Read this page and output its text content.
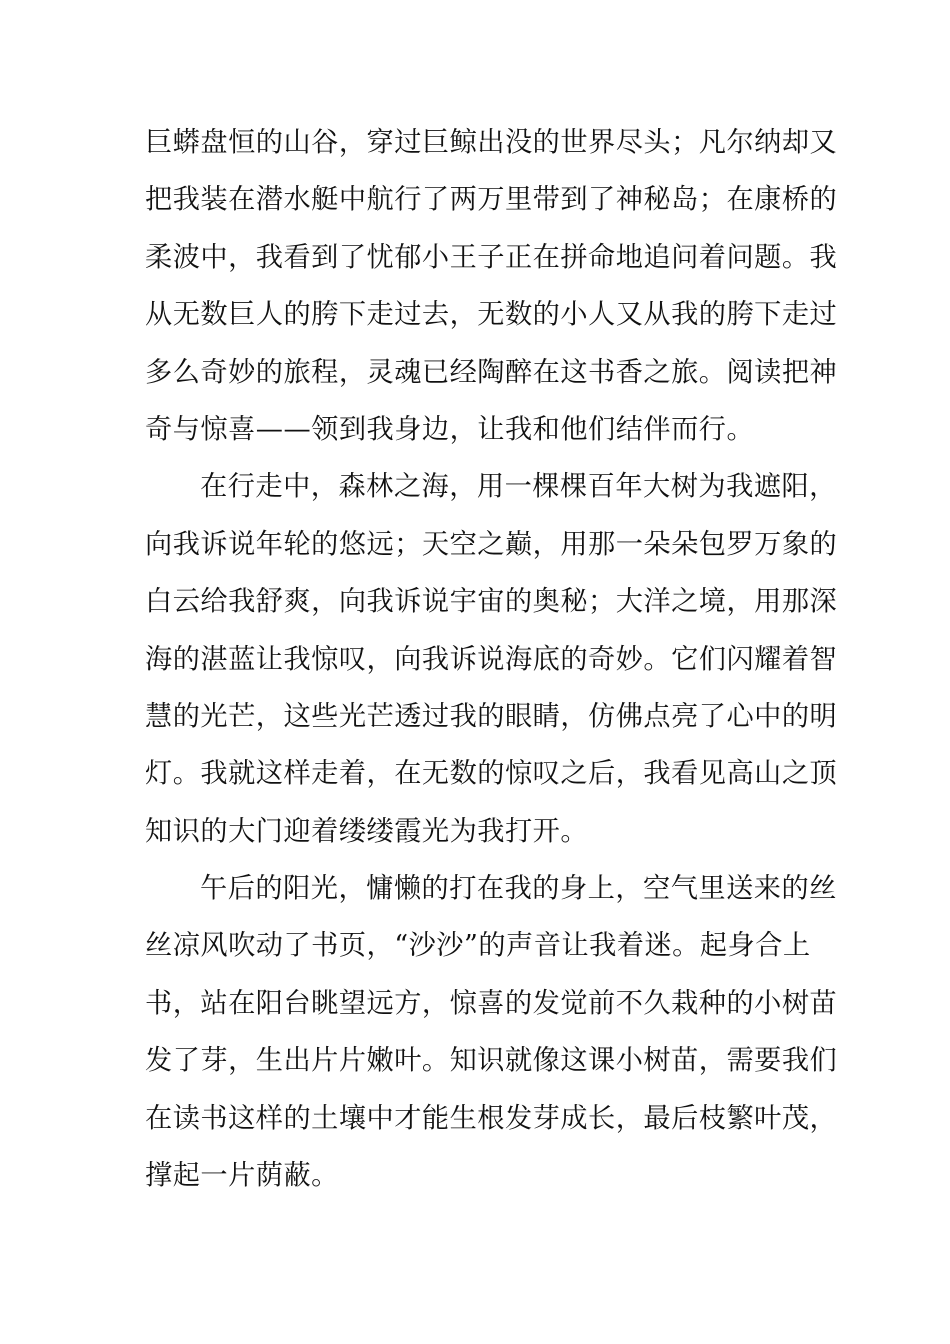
巨蟒盘恒的山谷，穿过巨鲸出没的世界尽头；凡尔纳却又
把我装在潜水艇中航行了两万里带到了神秘岛；在康桥的
柔波中，我看到了忧郁小王子正在拼命地追问着问题。我
从无数巨人的胯下走过去，无数的小人又从我的胯下走过
多么奇妙的旅程，灵魂已经陶醉在这书香之旅。阅读把神
奇与惊喜——领到我身边，让我和他们结伴而行。
在行走中，森林之海，用一棵棵百年大树为我遮阳，
向我诉说年轮的悠远；天空之巅，用那一朵朵包罗万象的
白云给我舒爽，向我诉说宇宙的奥秘；大洋之境，用那深
海的湛蓝让我惊叹，向我诉说海底的奇妙。它们闪耀着智
慧的光芒，这些光芒透过我的眼睛，仿佛点亮了心中的明
灯。我就这样走着，在无数的惊叹之后，我看见高山之顶
知识的大门迎着缕缕霞光为我打开。
午后的阳光，慵懒的打在我的身上，空气里送来的丝
丝凉风吹动了书页，“沙沙”的声音让我着迷。起身合上
书，站在阳台眺望远方，惊喜的发觉前不久栽种的小树苗
发了芽，生出片片嫩叶。知识就像这课小树苗，需要我们
在读书这样的土壤中才能生根发芽成长，最后枝繁叶茂，
撑起一片荫蔽。
